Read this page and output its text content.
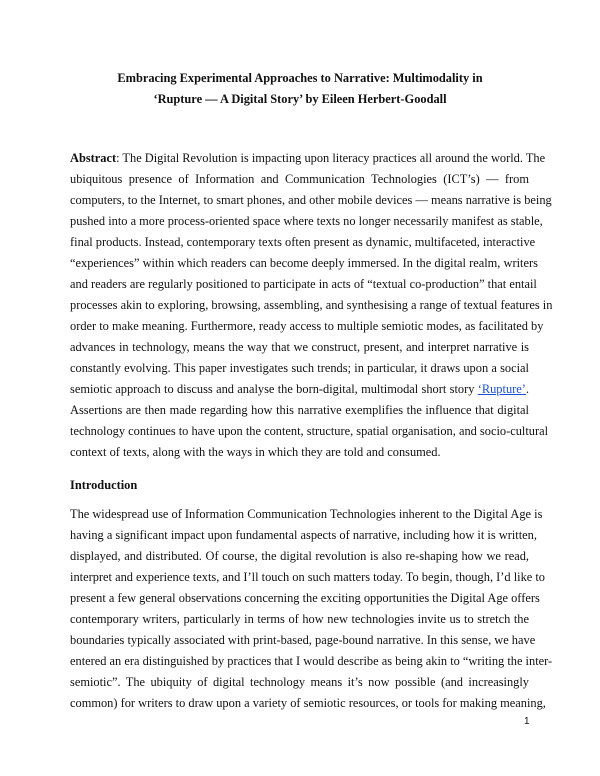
Embracing Experimental Approaches to Narrative: Multimodality in
‘Rupture — A Digital Story’ by Eileen Herbert-Goodall
Abstract: The Digital Revolution is impacting upon literacy practices all around the world. The
ubiquitous presence of Information and Communication Technologies (ICT’s) — from
computers, to the Internet, to smart phones, and other mobile devices — means narrative is being
pushed into a more process-oriented space where texts no longer necessarily manifest as stable,
final products. Instead, contemporary texts often present as dynamic, multifaceted, interactive
“experiences” within which readers can become deeply immersed. In the digital realm, writers
and readers are regularly positioned to participate in acts of “textual co-production” that entail
processes akin to exploring, browsing, assembling, and synthesising a range of textual features in
order to make meaning. Furthermore, ready access to multiple semiotic modes, as facilitated by
advances in technology, means the way that we construct, present, and interpret narrative is
constantly evolving. This paper investigates such trends; in particular, it draws upon a social
semiotic approach to discuss and analyse the born-digital, multimodal short story ‘Rupture’.
Assertions are then made regarding how this narrative exemplifies the influence that digital
technology continues to have upon the content, structure, spatial organisation, and socio-cultural
context of texts, along with the ways in which they are told and consumed.
Introduction
The widespread use of Information Communication Technologies inherent to the Digital Age is
having a significant impact upon fundamental aspects of narrative, including how it is written,
displayed, and distributed. Of course, the digital revolution is also re-shaping how we read,
interpret and experience texts, and I’ll touch on such matters today. To begin, though, I’d like to
present a few general observations concerning the exciting opportunities the Digital Age offers
contemporary writers, particularly in terms of how new technologies invite us to stretch the
boundaries typically associated with print-based, page-bound narrative. In this sense, we have
entered an era distinguished by practices that I would describe as being akin to “writing the inter-
semiotic”. The ubiquity of digital technology means it’s now possible (and increasingly
common) for writers to draw upon a variety of semiotic resources, or tools for making meaning,
1
